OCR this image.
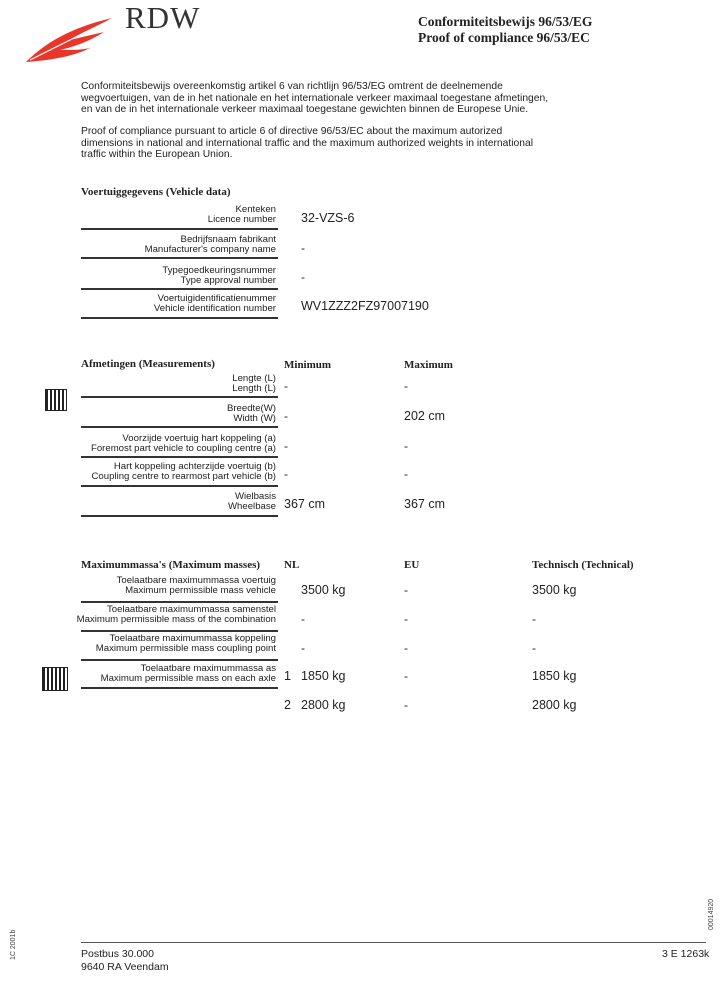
RDW	Conformiteitsbewijs 96/53/EG
Proof of compliance 96/53/EC
Conformiteitsbewijs overeenkomstig artikel 6 van richtlijn 96/53/EG omtrent de deelnemende wegvoertuigen, van de in het nationale en het internationale verkeer maximaal toegestane afmetingen, en van de in het internationale verkeer maximaal toegestane gewichten binnen de Europese Unie.
Proof of compliance pursuant to article 6 of directive 96/53/EC about the maximum autorized dimensions in national and international traffic and the maximum authorized weights in international traffic within the European Union.
Voertuiggegevens (Vehicle data)
Kenteken
Licence number 32-VZS-6
Bedrijfsnaam fabrikant
Manufacturer's company name -
Typegoedkeuringsnummer
Type approval number -
Voertuigidentificatienummer
Vehicle identification number WV1ZZZ2FZ97007190
Afmetingen (Measurements)	Minimum	Maximum
Lengte (L)
Length (L) -	-
Breedte(W)
Width (W) -	202 cm
Voorzijde voertuig hart koppeling (a)
Foremost part vehicle to coupling centre (a) -	-
Hart koppeling achterzijde voertuig (b)
Coupling centre to rearmost part vehicle (b) -	-
Wielbasis
Wheelbase 367 cm	367 cm
Maximummassa's (Maximum masses) NL	EU	Technisch (Technical)
Toelaatbare maximummassa voertuig
Maximum permissible mass vehicle 3500 kg	-	3500 kg
Toelaatbare maximummassa samenstel
Maximum permissible mass of the combination -	-	-
Toelaatbare maximummassa koppeling
Maximum permissible mass coupling point -	-	-
Toelaatbare maximummassa as
Maximum permissible mass on each axle 1 1850 kg	-	1850 kg
2 2800 kg	-	2800 kg
Postbus 30.000
9640 RA Veendam
3 E 1263k
1C 2001b
00014920
